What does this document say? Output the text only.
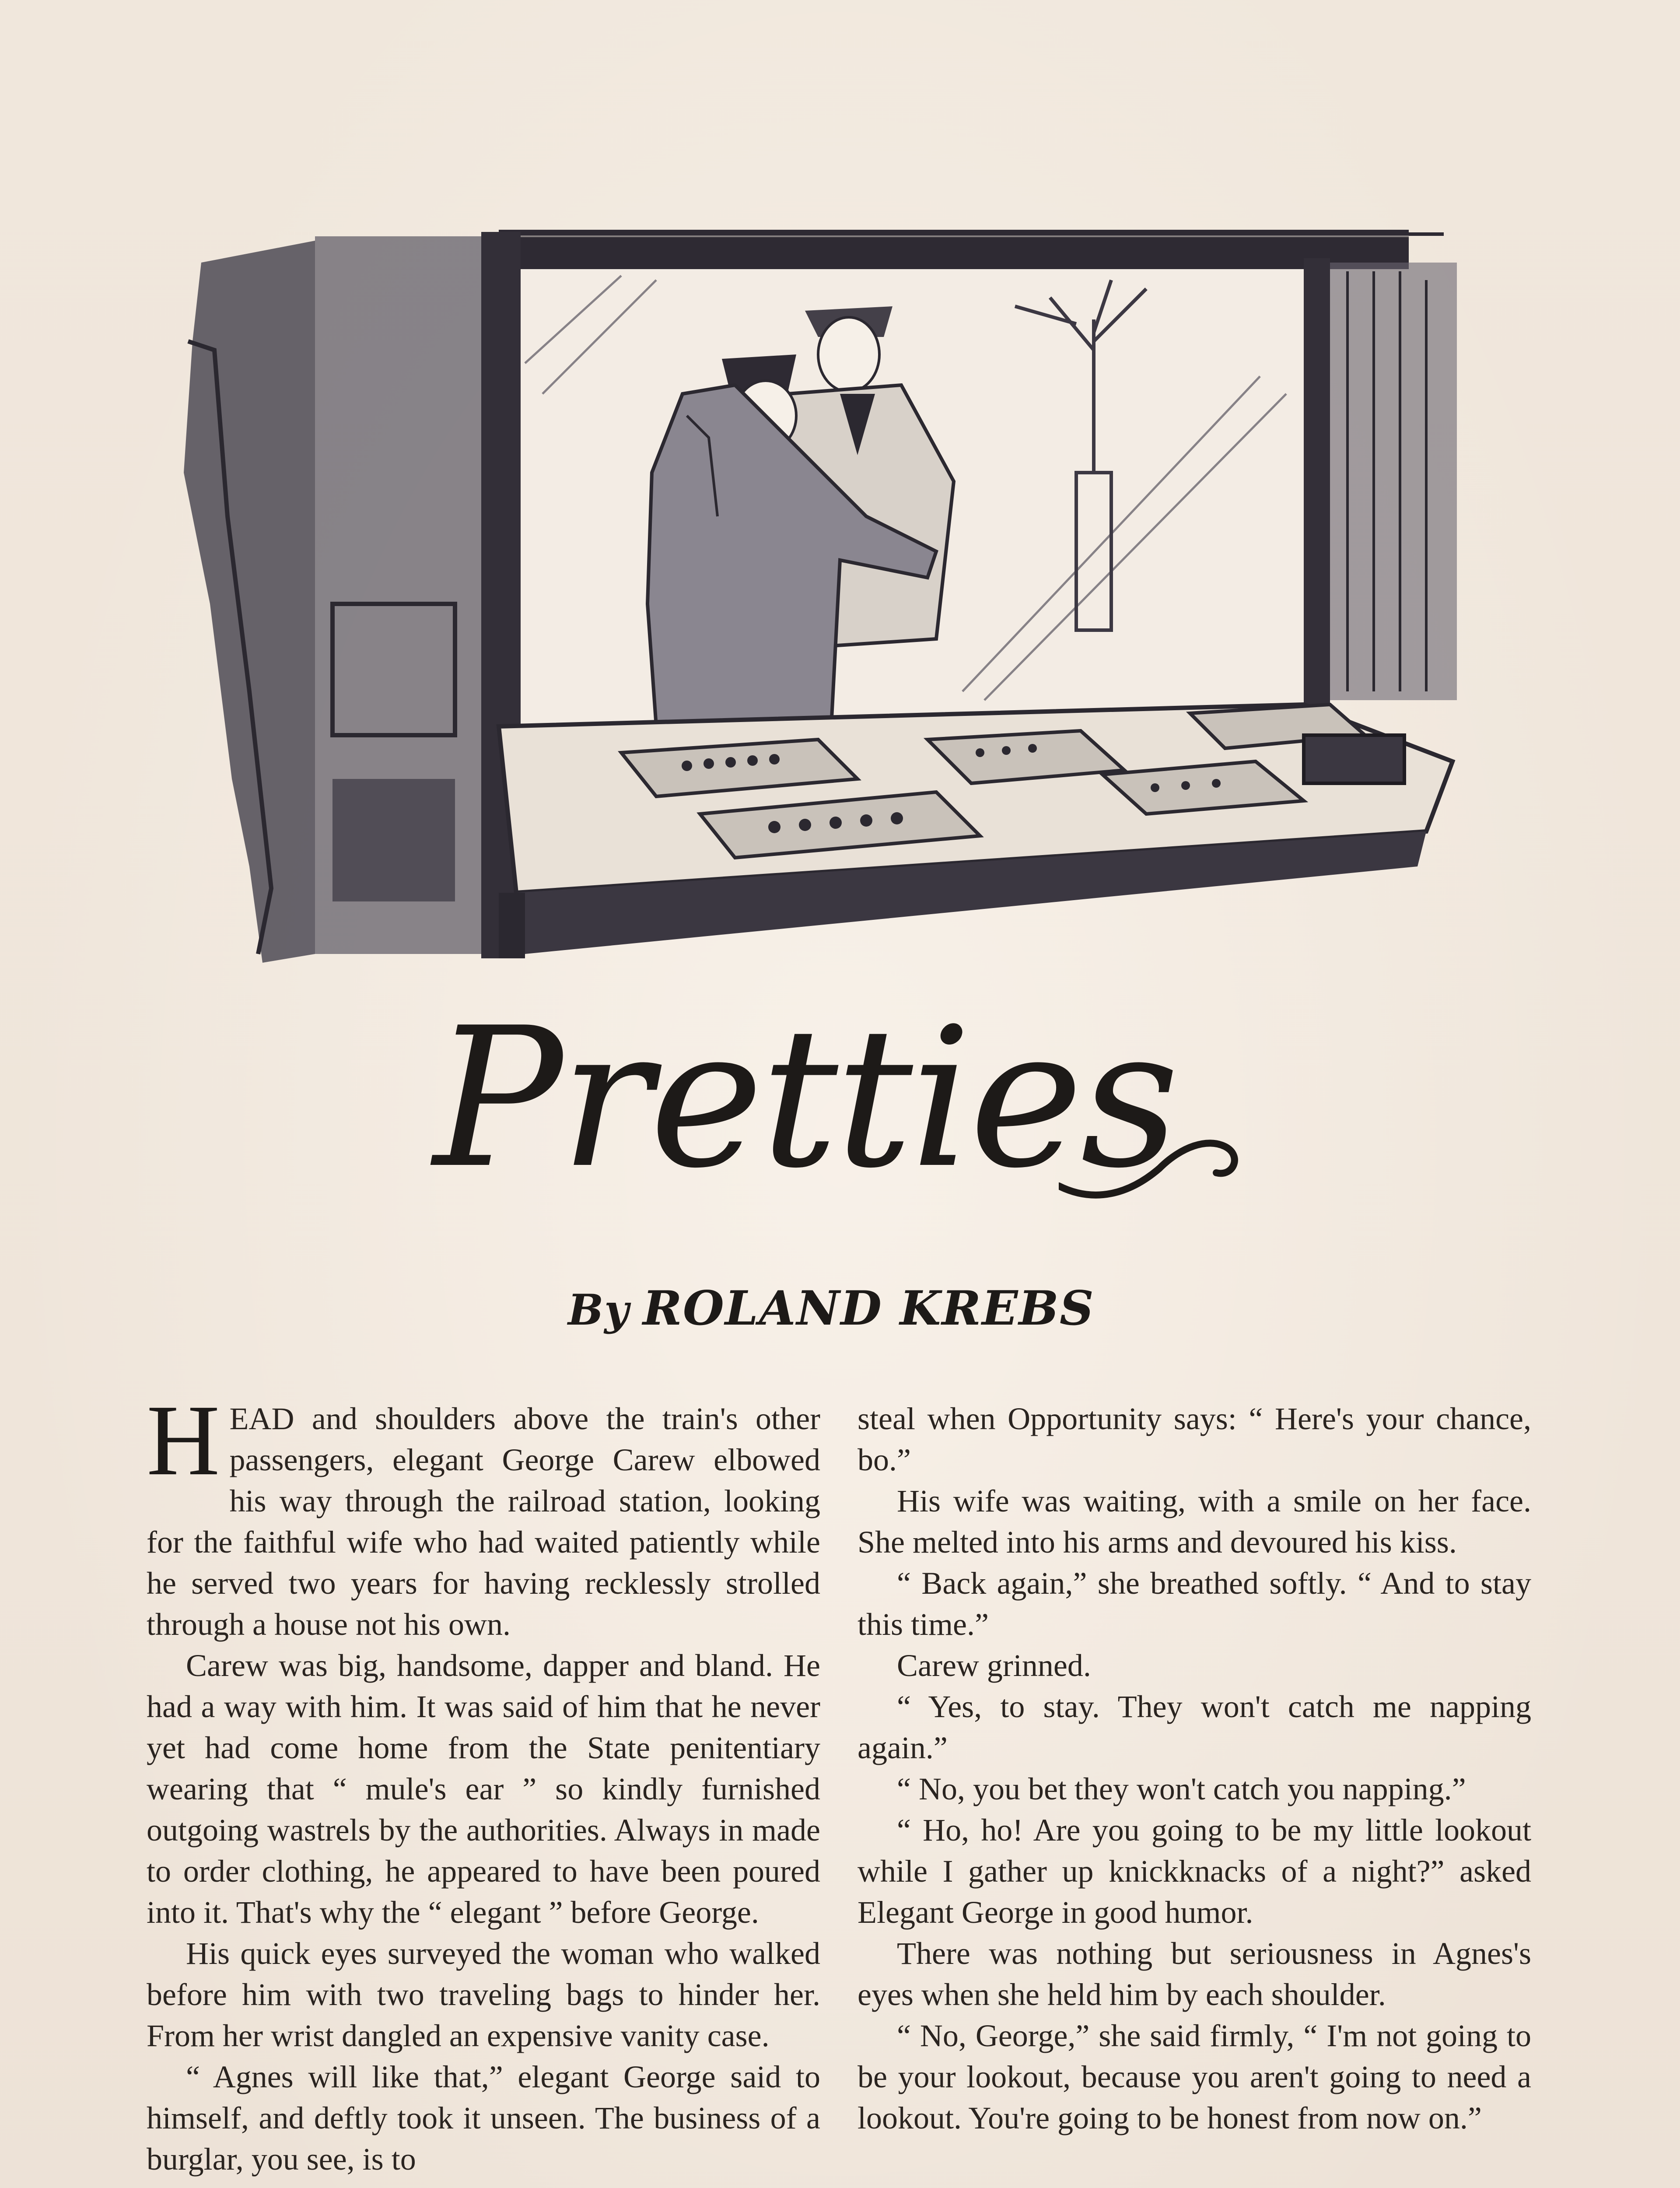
Pretties
By ROLAND KREBS

HEAD and shoulders above the train's other passengers, elegant George Carew elbowed his way through the railroad station, looking for the faithful wife who had waited patiently while he served two years for having recklessly strolled through a house not his own.

Carew was big, handsome, dapper and bland. He had a way with him. It was said of him that he never yet had come home from the State penitentiary wearing that “ mule's ear ” so kindly furnished outgoing wastrels by the authorities. Always in made to order clothing, he appeared to have been poured into it. That's why the “ elegant ” before George.

His quick eyes surveyed the woman who walked before him with two traveling bags to hinder her. From her wrist dangled an expensive vanity case.

“ Agnes will like that,” elegant George said to himself, and deftly took it unseen. The business of a burglar, you see, is to

steal when Opportunity says: “ Here's your chance, bo.”

His wife was waiting, with a smile on her face. She melted into his arms and devoured his kiss.

“ Back again,” she breathed softly. “ And to stay this time.”

Carew grinned.

“ Yes, to stay. They won't catch me napping again.”

“ No, you bet they won't catch you napping.”

“ Ho, ho! Are you going to be my little lookout while I gather up knickknacks of a night?” asked Elegant George in good humor.

There was nothing but seriousness in Agnes's eyes when she held him by each shoulder.

“ No, George,” she said firmly, “ I'm not going to be your lookout, because you aren't going to need a lookout. You're going to be honest from now on.”
